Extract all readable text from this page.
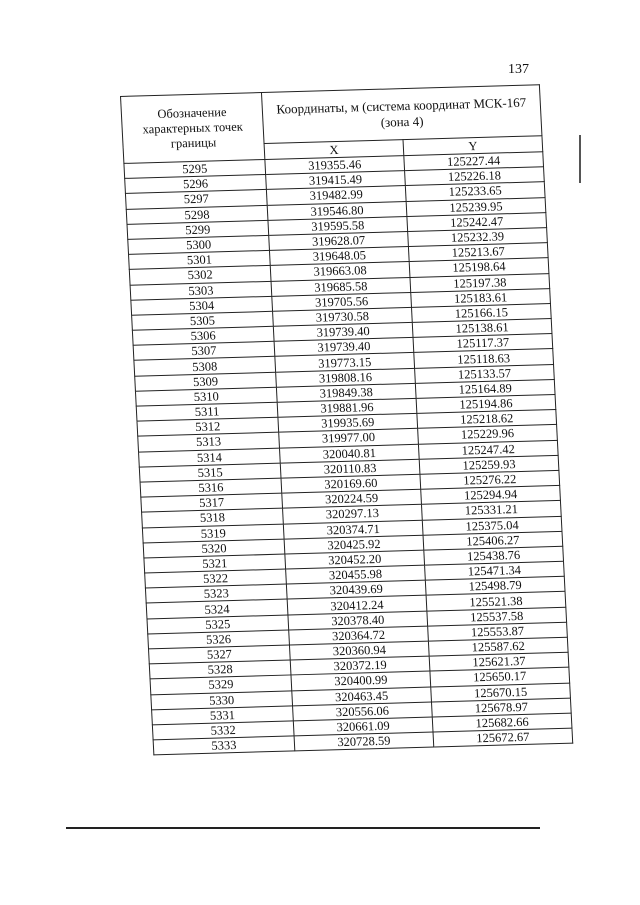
137
Обозначение характерных точек границы	Координаты, м (система координат МСК-167 (зона 4)	
	X	Y
5295	319355.46	125227.44
5296	319415.49	125226.18
5297	319482.99	125233.65
5298	319546.80	125239.95
5299	319595.58	125242.47
5300	319628.07	125232.39
5301	319648.05	125213.67
5302	319663.08	125198.64
5303	319685.58	125197.38
5304	319705.56	125183.61
5305	319730.58	125166.15
5306	319739.40	125138.61
5307	319739.40	125117.37
5308	319773.15	125118.63
5309	319808.16	125133.57
5310	319849.38	125164.89
5311	319881.96	125194.86
5312	319935.69	125218.62
5313	319977.00	125229.96
5314	320040.81	125247.42
5315	320110.83	125259.93
5316	320169.60	125276.22
5317	320224.59	125294.94
5318	320297.13	125331.21
5319	320374.71	125375.04
5320	320425.92	125406.27
5321	320452.20	125438.76
5322	320455.98	125471.34
5323	320439.69	125498.79
5324	320412.24	125521.38
5325	320378.40	125537.58
5326	320364.72	125553.87
5327	320360.94	125587.62
5328	320372.19	125621.37
5329	320400.99	125650.17
5330	320463.45	125670.15
5331	320556.06	125678.97
5332	320661.09	125682.66
5333	320728.59	125672.67
